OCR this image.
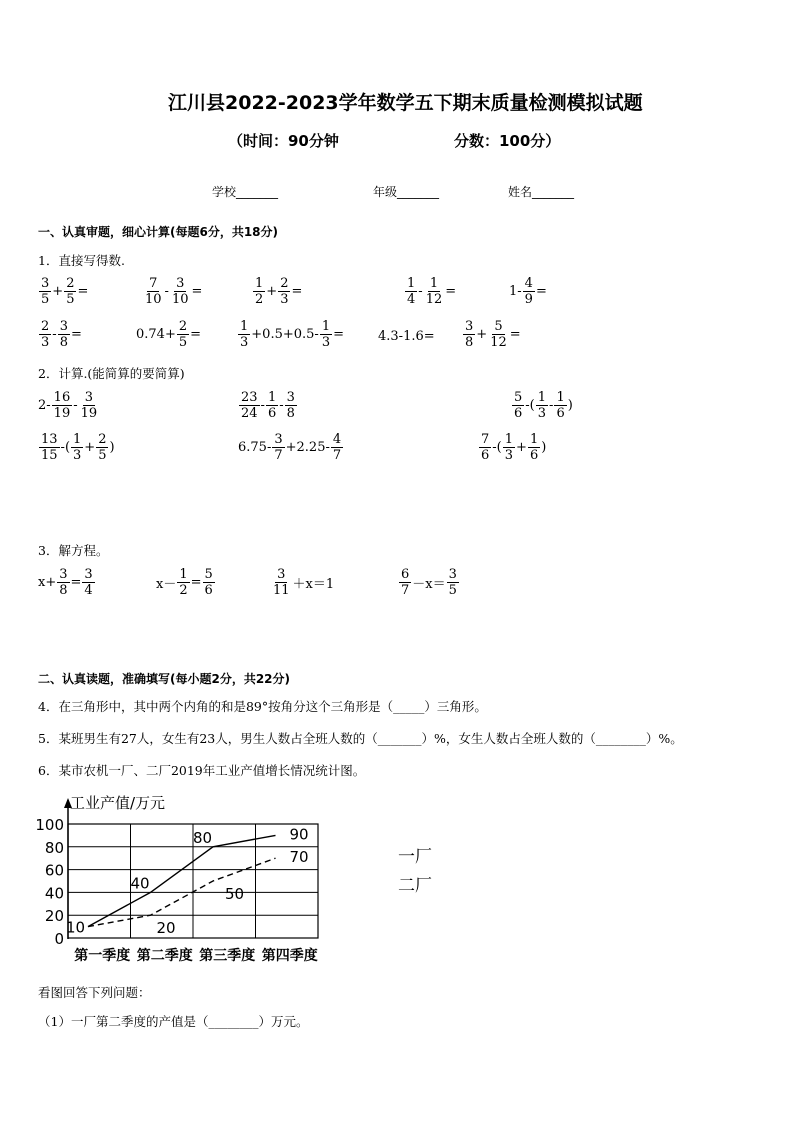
江川县2022-2023学年数学五下期末质量检测模拟试题
（时间：90分钟	分数：100分）
学校_______	年级_______	姓名_______
一、认真审题，细心计算(每题6分，共18分)
1．直接写得数.
$\frac{3}{5} + \frac{2}{5}$ =	$\frac{7}{10} - \frac{3}{10}$ =	$\frac{1}{2} + \frac{2}{3}$ =	$\frac{1}{4} - \frac{1}{12}$ =	$1- \frac{4}{9}$ =
$\frac{2}{3} - \frac{3}{8}$ =	$0.74+ \frac{2}{5}$ =	$\frac{1}{3} +0.5+0.5- \frac{1}{3}$ =	$4.3-1.6= \frac{3}{8} + \frac{5}{12}$ =
2．计算.(能简算的要简算)
$2- \frac{16}{19} - \frac{3}{19}$	$\frac{23}{24} - \frac{1}{6} - \frac{3}{8}$	$\frac{5}{6}$ -( $\frac{1}{3} - \frac{1}{6}$ )
$\frac{13}{15}$ -( $\frac{1}{3} + \frac{2}{5}$ )	$6.75- \frac{3}{7} +2.25- \frac{4}{7}$	$\frac{7}{6}$ -( $\frac{1}{3} + \frac{1}{6}$ )
3．解方程。
$x+ \frac{3}{8} = \frac{3}{4}$	$x- \frac{1}{2} = \frac{5}{6}$	$\frac{3}{11} +x=1$	$\frac{6}{7} -x= \frac{3}{5}$
二、认真读题，准确填写(每小题2分，共22分)
4．在三角形中，其中两个内角的和是89°按角分这个三角形是（_____）三角形。
5．某班男生有27人，女生有23人，男生人数占全班人数的（_______）%，女生人数占全班人数的（________）%。
6．某市农机一厂、二厂2019年工业产值增长情况统计图。
0
20
40
60
80
100
10
40
80	90
20
50
70
第一季度 第二季度 第三季度 第四季度
工业产值/万元
一厂
二厂
看图回答下列问题：
（1）一厂第二季度的产值是（________）万元。
